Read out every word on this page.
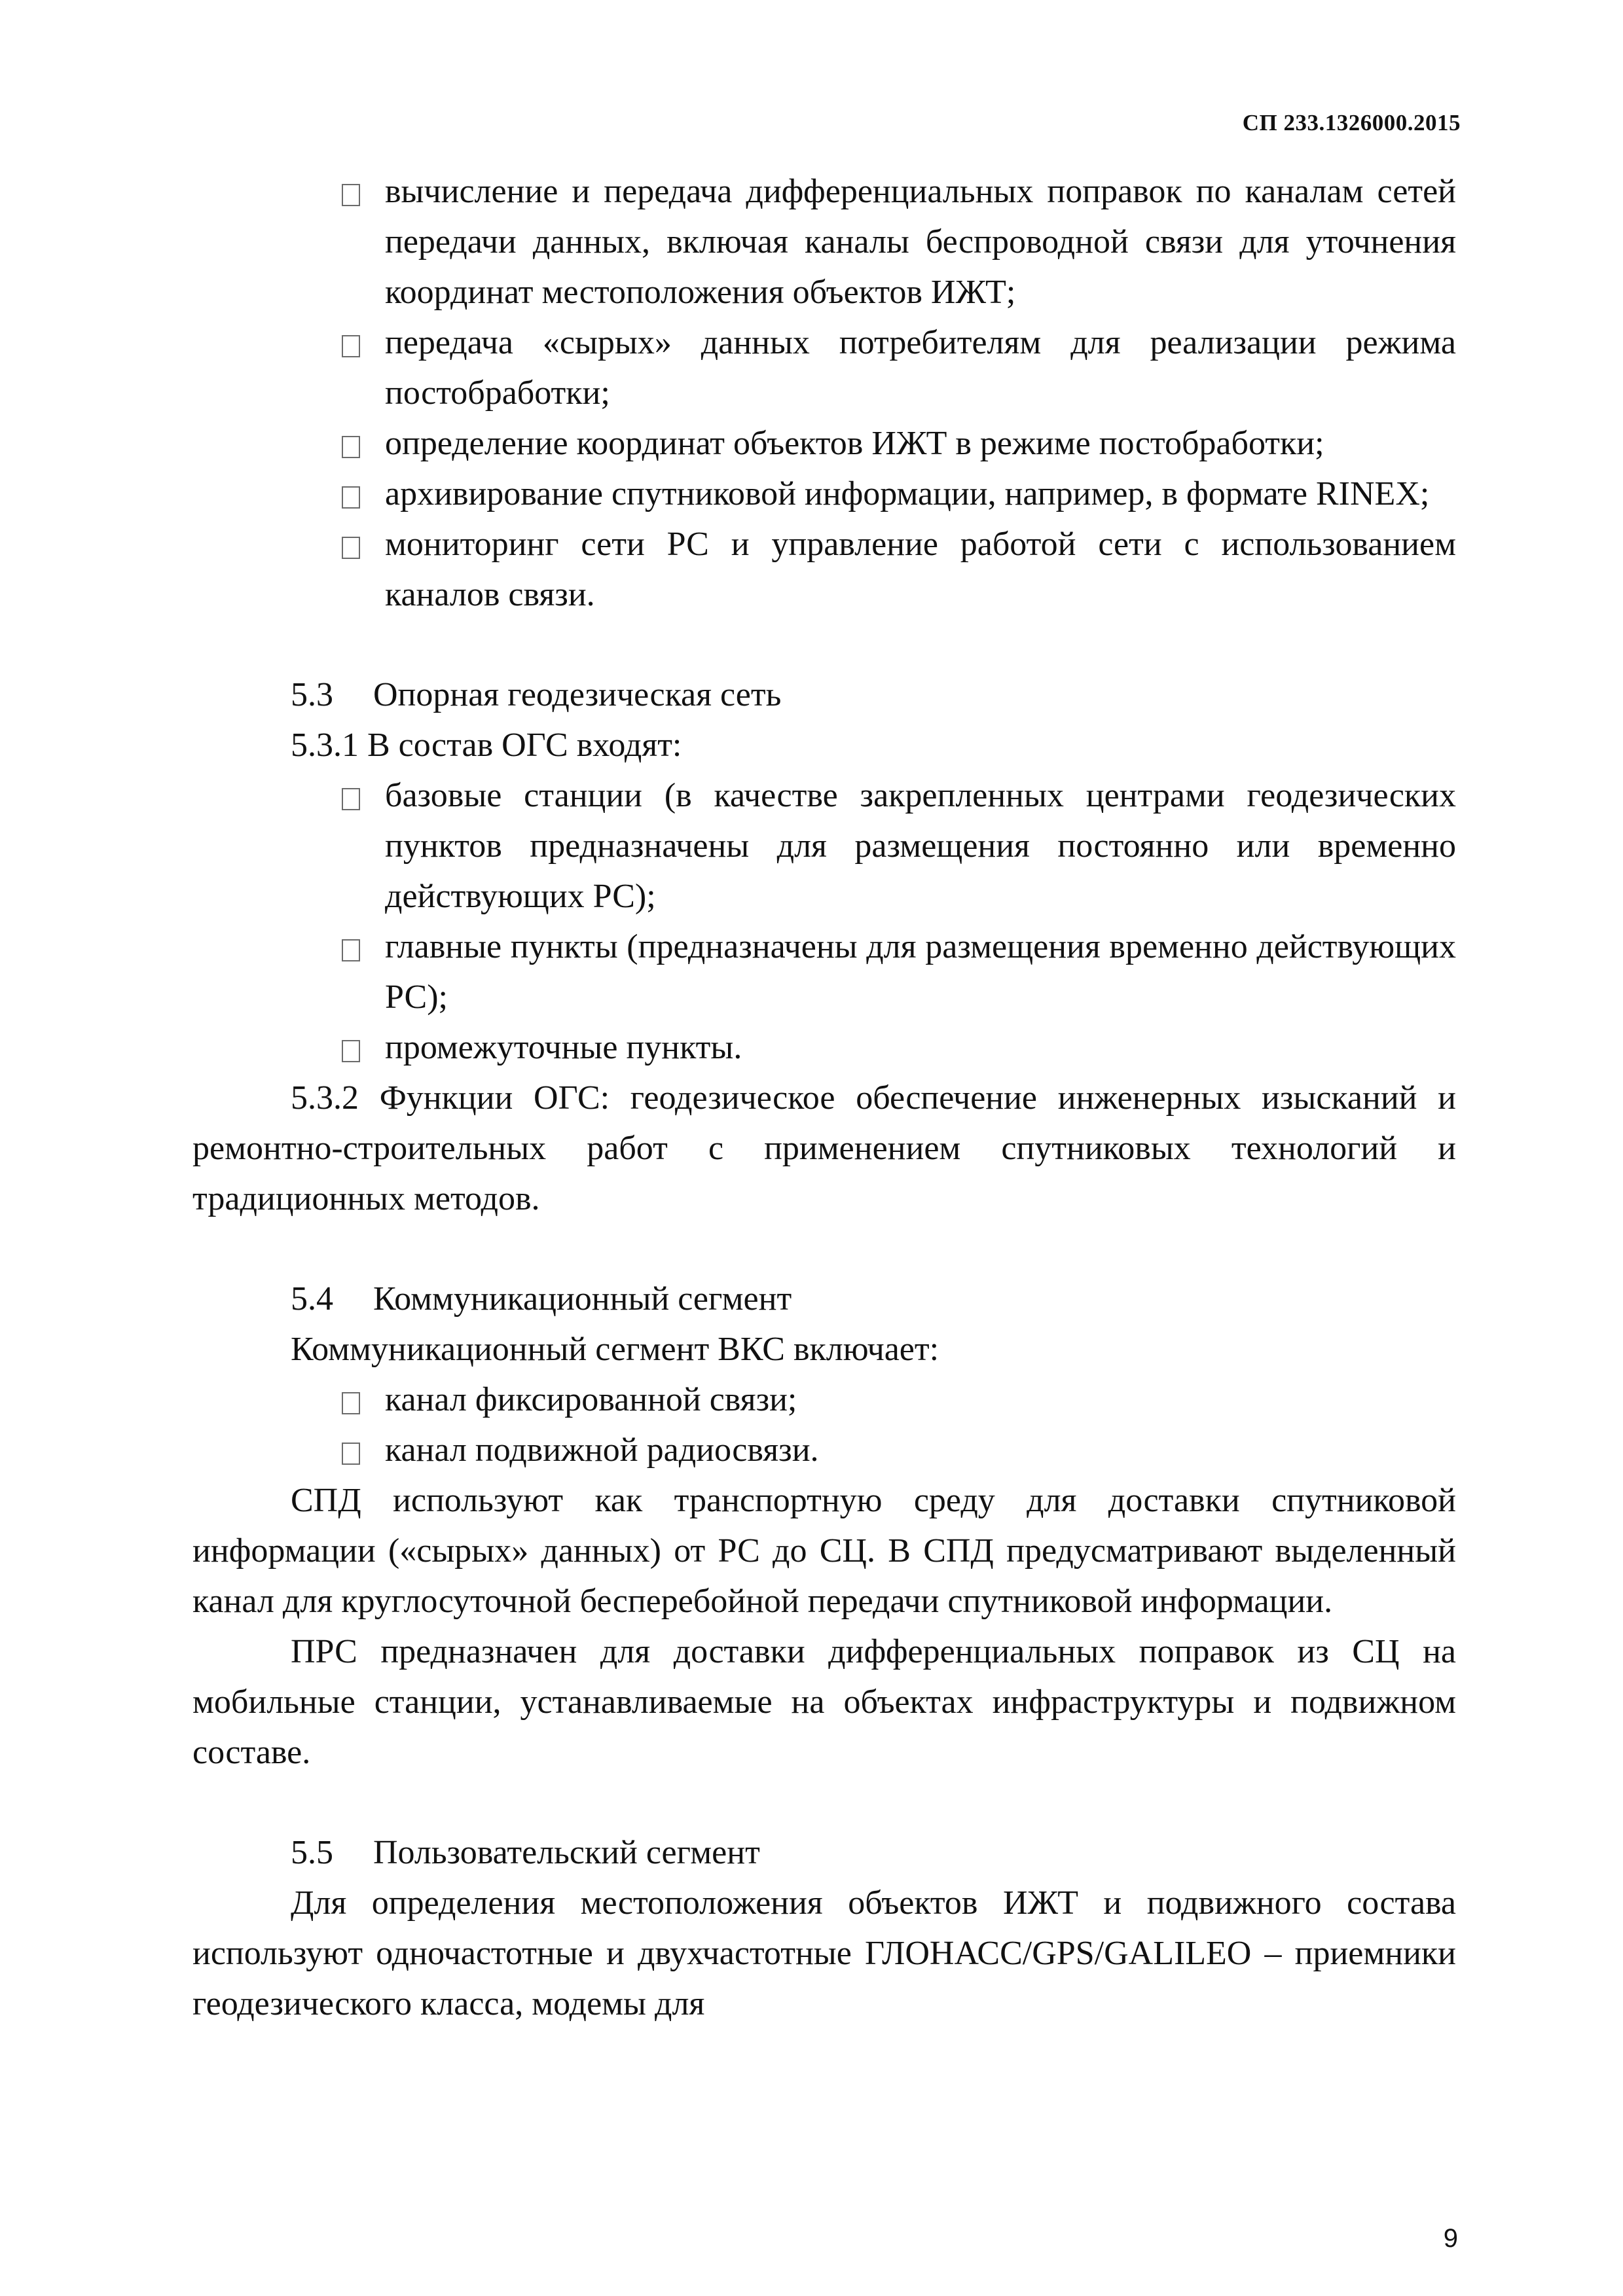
СП 233.1326000.2015

вычисление и передача дифференциальных поправок по каналам сетей передачи данных, включая каналы беспроводной связи для уточнения координат местоположения объектов ИЖТ;
передача «сырых» данных потребителям для реализации режима постобработки;
определение координат объектов ИЖТ в режиме постобработки;
архивирование спутниковой информации, например, в формате RINEX;
мониторинг сети РС и управление работой сети с использованием каналов связи.

5.3 Опорная геодезическая сеть

5.3.1 В состав ОГС входят:

базовые станции (в качестве закрепленных центрами геодезических пунктов предназначены для размещения постоянно или временно действующих РС);
главные пункты (предназначены для размещения временно действующих РС);
промежуточные пункты.

5.3.2 Функции ОГС: геодезическое обеспечение инженерных изысканий и ремонтно-строительных работ с применением спутниковых технологий и традиционных методов.

5.4 Коммуникационный сегмент

Коммуникационный сегмент ВКС включает:

канал фиксированной связи;
канал подвижной радиосвязи.

СПД используют как транспортную среду для доставки спутниковой информации («сырых» данных) от РС до СЦ. В СПД предусматривают выделенный канал для круглосуточной бесперебойной передачи спутниковой информации.

ПРС предназначен для доставки дифференциальных поправок из СЦ на мобильные станции, устанавливаемые на объектах инфраструктуры и подвижном составе.

5.5 Пользовательский сегмент

Для определения местоположения объектов ИЖТ и подвижного состава используют одночастотные и двухчастотные ГЛОНАСС/GPS/GALILEO – приемники геодезического класса, модемы для

9
